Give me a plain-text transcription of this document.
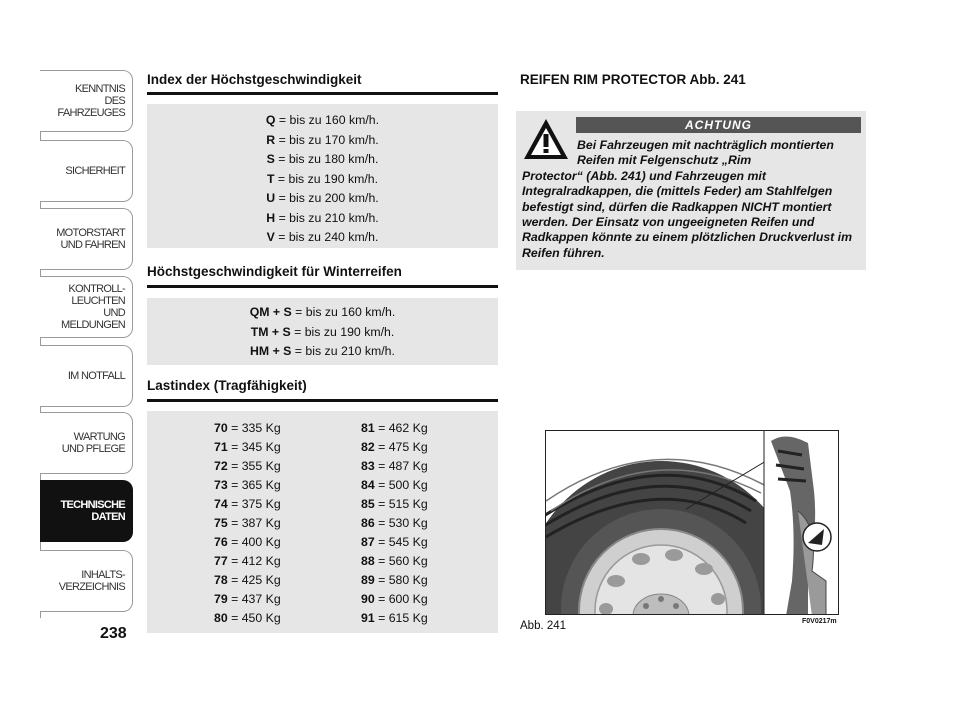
KENNTNIS
DES FAHRZEUGES
SICHERHEIT
MOTORSTART
UND FAHREN
KONTROLL-
LEUCHTEN
UND MELDUNGEN
IM NOTFALL
WARTUNG
UND PFLEGE
TECHNISCHE
DATEN
INHALTS-
VERZEICHNIS
238
Index der Höchstgeschwindigkeit
Q = bis zu 160 km/h.
R = bis zu 170 km/h.
S = bis zu 180 km/h.
T = bis zu 190 km/h.
U = bis zu 200 km/h.
H = bis zu 210 km/h.
V = bis zu 240 km/h.
Höchstgeschwindigkeit für Winterreifen
QM + S = bis zu 160 km/h.
TM + S = bis zu 190 km/h.
HM + S = bis zu 210 km/h.
Lastindex (Tragfähigkeit)
70 = 335 Kg
71 = 345 Kg
72 = 355 Kg
73 = 365 Kg
74 = 375 Kg
75 = 387 Kg
76 = 400 Kg
77 = 412 Kg
78 = 425 Kg
79 = 437 Kg
80 = 450 Kg
81 = 462 Kg
82 = 475 Kg
83 = 487 Kg
84 = 500 Kg
85 = 515 Kg
86 = 530 Kg
87 = 545 Kg
88 = 560 Kg
89 = 580 Kg
90 = 600 Kg
91 = 615 Kg
REIFEN RIM PROTECTOR Abb. 241
ACHTUNG
Bei Fahrzeugen mit nachträglich montierten Reifen mit Felgenschutz „Rim
Protector“ (Abb. 241) und Fahrzeugen mit Integralradkappen, die (mittels Feder) am Stahlfelgen befestigt sind, dürfen die Radkappen NICHT montiert werden. Der Einsatz von ungeeigneten Reifen und Radkappen könnte zu einem plötzlichen Druckverlust im Reifen führen.
Abb. 241	F0V0217m
